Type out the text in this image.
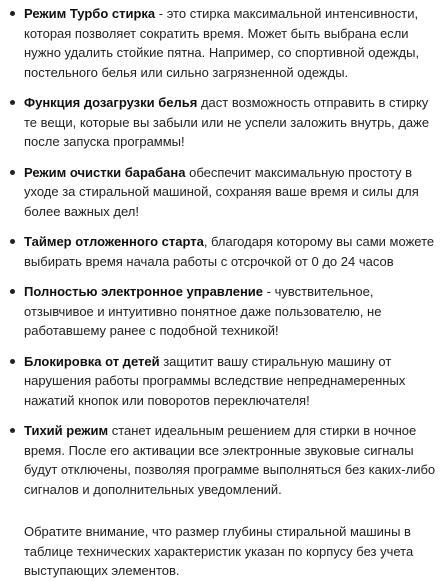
Режим Турбо стирка - это стирка максимальной интенсивности, которая позволяет сократить время. Может быть выбрана если нужно удалить стойкие пятна. Например, со спортивной одежды, постельного белья или сильно загрязненной одежды.
Функция дозагрузки белья даст возможность отправить в стирку те вещи, которые вы забыли или не успели заложить внутрь, даже после запуска программы!
Режим очистки барабана обеспечит максимальную простоту в уходе за стиральной машиной, сохраняя ваше время и силы для более важных дел!
Таймер отложенного старта, благодаря которому вы сами можете выбирать время начала работы с отсрочкой от 0 до 24 часов
Полностью электронное управление - чувствительное, отзывчивое и интуитивно понятное даже пользователю, не работавшему ранее с подобной техникой!
Блокировка от детей защитит вашу стиральную машину от нарушения работы программы вследствие непреднамеренных нажатий кнопок или поворотов переключателя!
Тихий режим станет идеальным решением для стирки в ночное время. После его активации все электронные звуковые сигналы будут отключены, позволяя программе выполняться без каких-либо сигналов и дополнительных уведомлений.

Обратите внимание, что размер глубины стиральной машины в таблице технических характеристик указан по корпусу без учета выступающих элементов.
